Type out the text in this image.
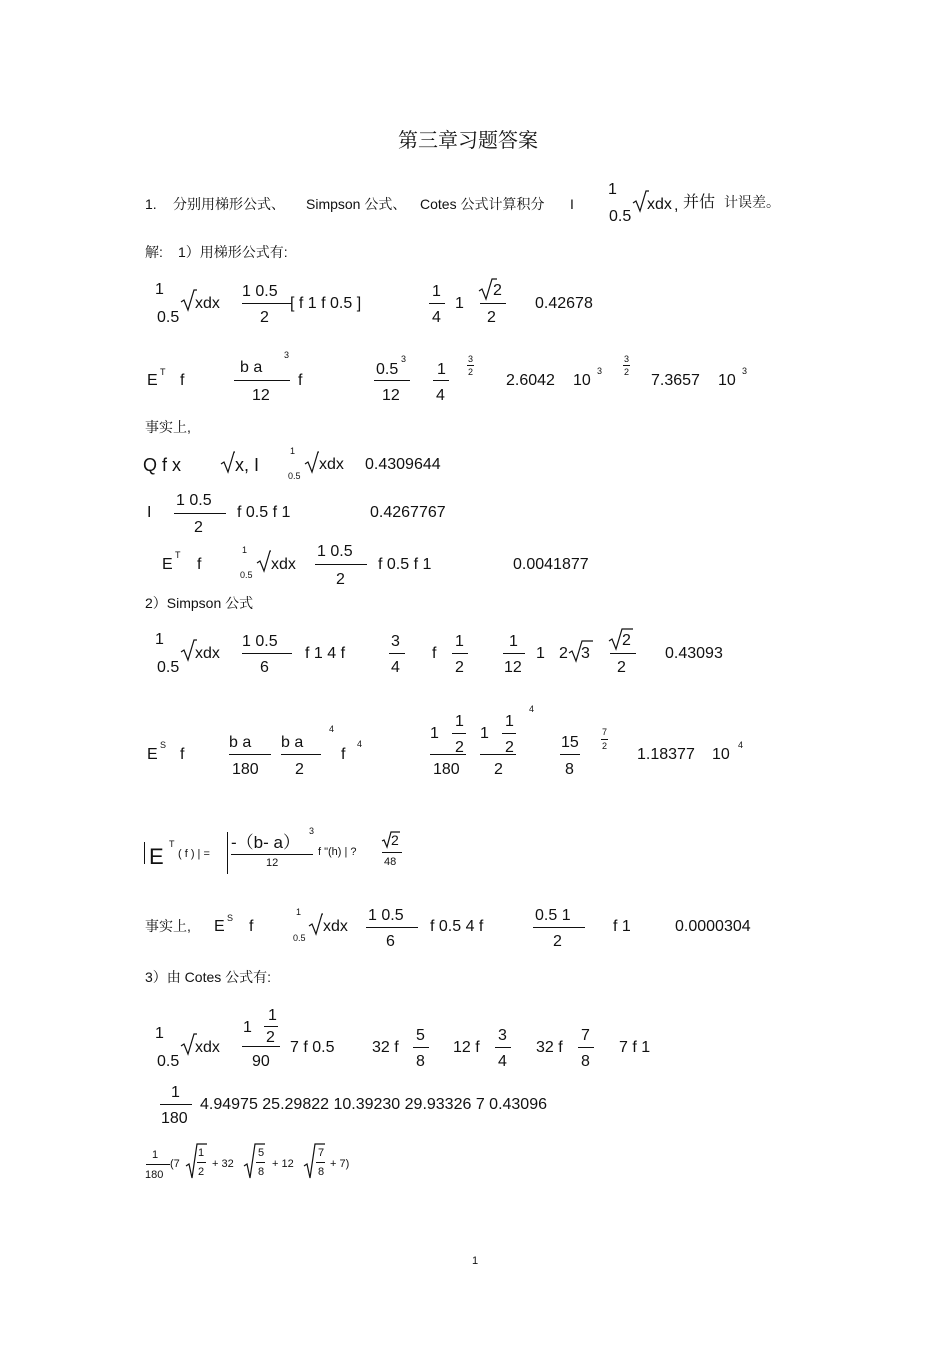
第三章习题答案
1. 分别用梯形公式、 Simpson 公式、 Cotes 公式计算积分 I
1
0.5
xdx , 并估 计误差。
解: 1）用梯形公式有:
1
0.5
xdx
1 0.5
2
[ f 1 f 0.5 ]
1
4
1
2
2
0.42678
E T f
b a
12
3
f
0.5
3
12
1
4
3
2 2.6042 10
3
3
2 7.3657 10
3
事实上,
Q f x	x, I
1
0.5
xdx 0.4309644
I
1 0.5
2
f 0.5 f 1	0.4267767
E
T
f
1
0.5
xdx
1 0.5
2
f 0.5 f 1	0.0041877
2）Simpson 公式
1
0.5
xdx
1 0.5
6
f 1 4 f
3
4
f
1
2
1
12
1 2 3
2
2
0.43093
E
S
f
b a
180
b a
2
4
f
4
1
2
1
180
1
2
1
2
4
15
8
7
2 1.18377 10
4
E T
( f ) | =
-（b- a）
3
12
f "(h) | ?
2
48
事实上, E S f
1
0.5
xdx
1 0.5
6
f 0.5 4 f
0.5 1
2
f 1	0.0000304
3）由 Cotes 公式有:
1
0.5
xdx
1
2
1
90
7 f 0.5 32 f
5
8
12 f
3
4
32 f
7
8
7 f 1
1
180
4.94975 25.29822 10.39230 29.93326 7 0.43096
1
180
(7
1
2
+ 32
5
8
+ 12
7
8
+ 7)
1
